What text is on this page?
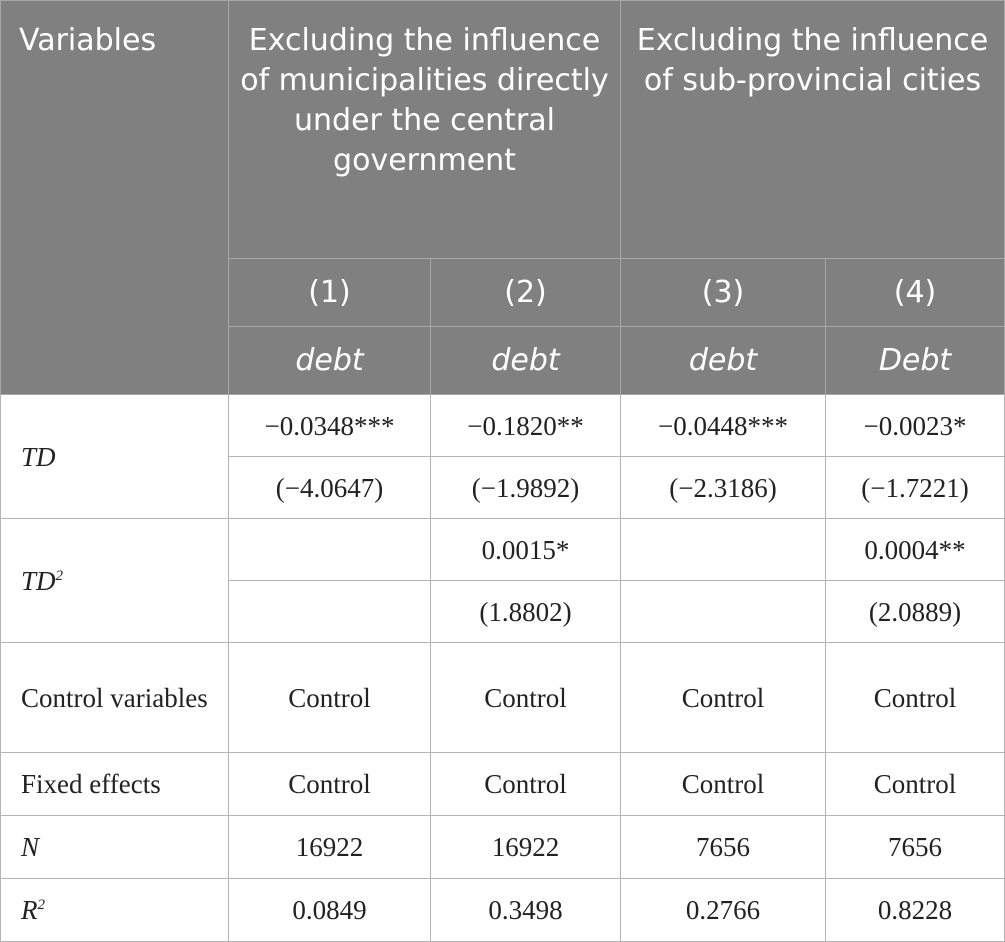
Variables	Excluding the influence of municipalities directly under the central government		Excluding the influence of sub-provincial cities	
	(1)	(2)	(3)	(4)
	debt	debt	debt	Debt
TD	−0.0348***	−0.1820**	−0.0448***	−0.0023*
	(−4.0647)	(−1.9892)	(−2.3186)	(−1.7221)
$TD^2$		0.0015*		0.0004**
		(1.8802)		(2.0889)
Control variables	Control	Control	Control	Control
Fixed effects	Control	Control	Control	Control
N	16922	16922	7656	7656
$R^2$	0.0849	0.3498	0.2766	0.8228
